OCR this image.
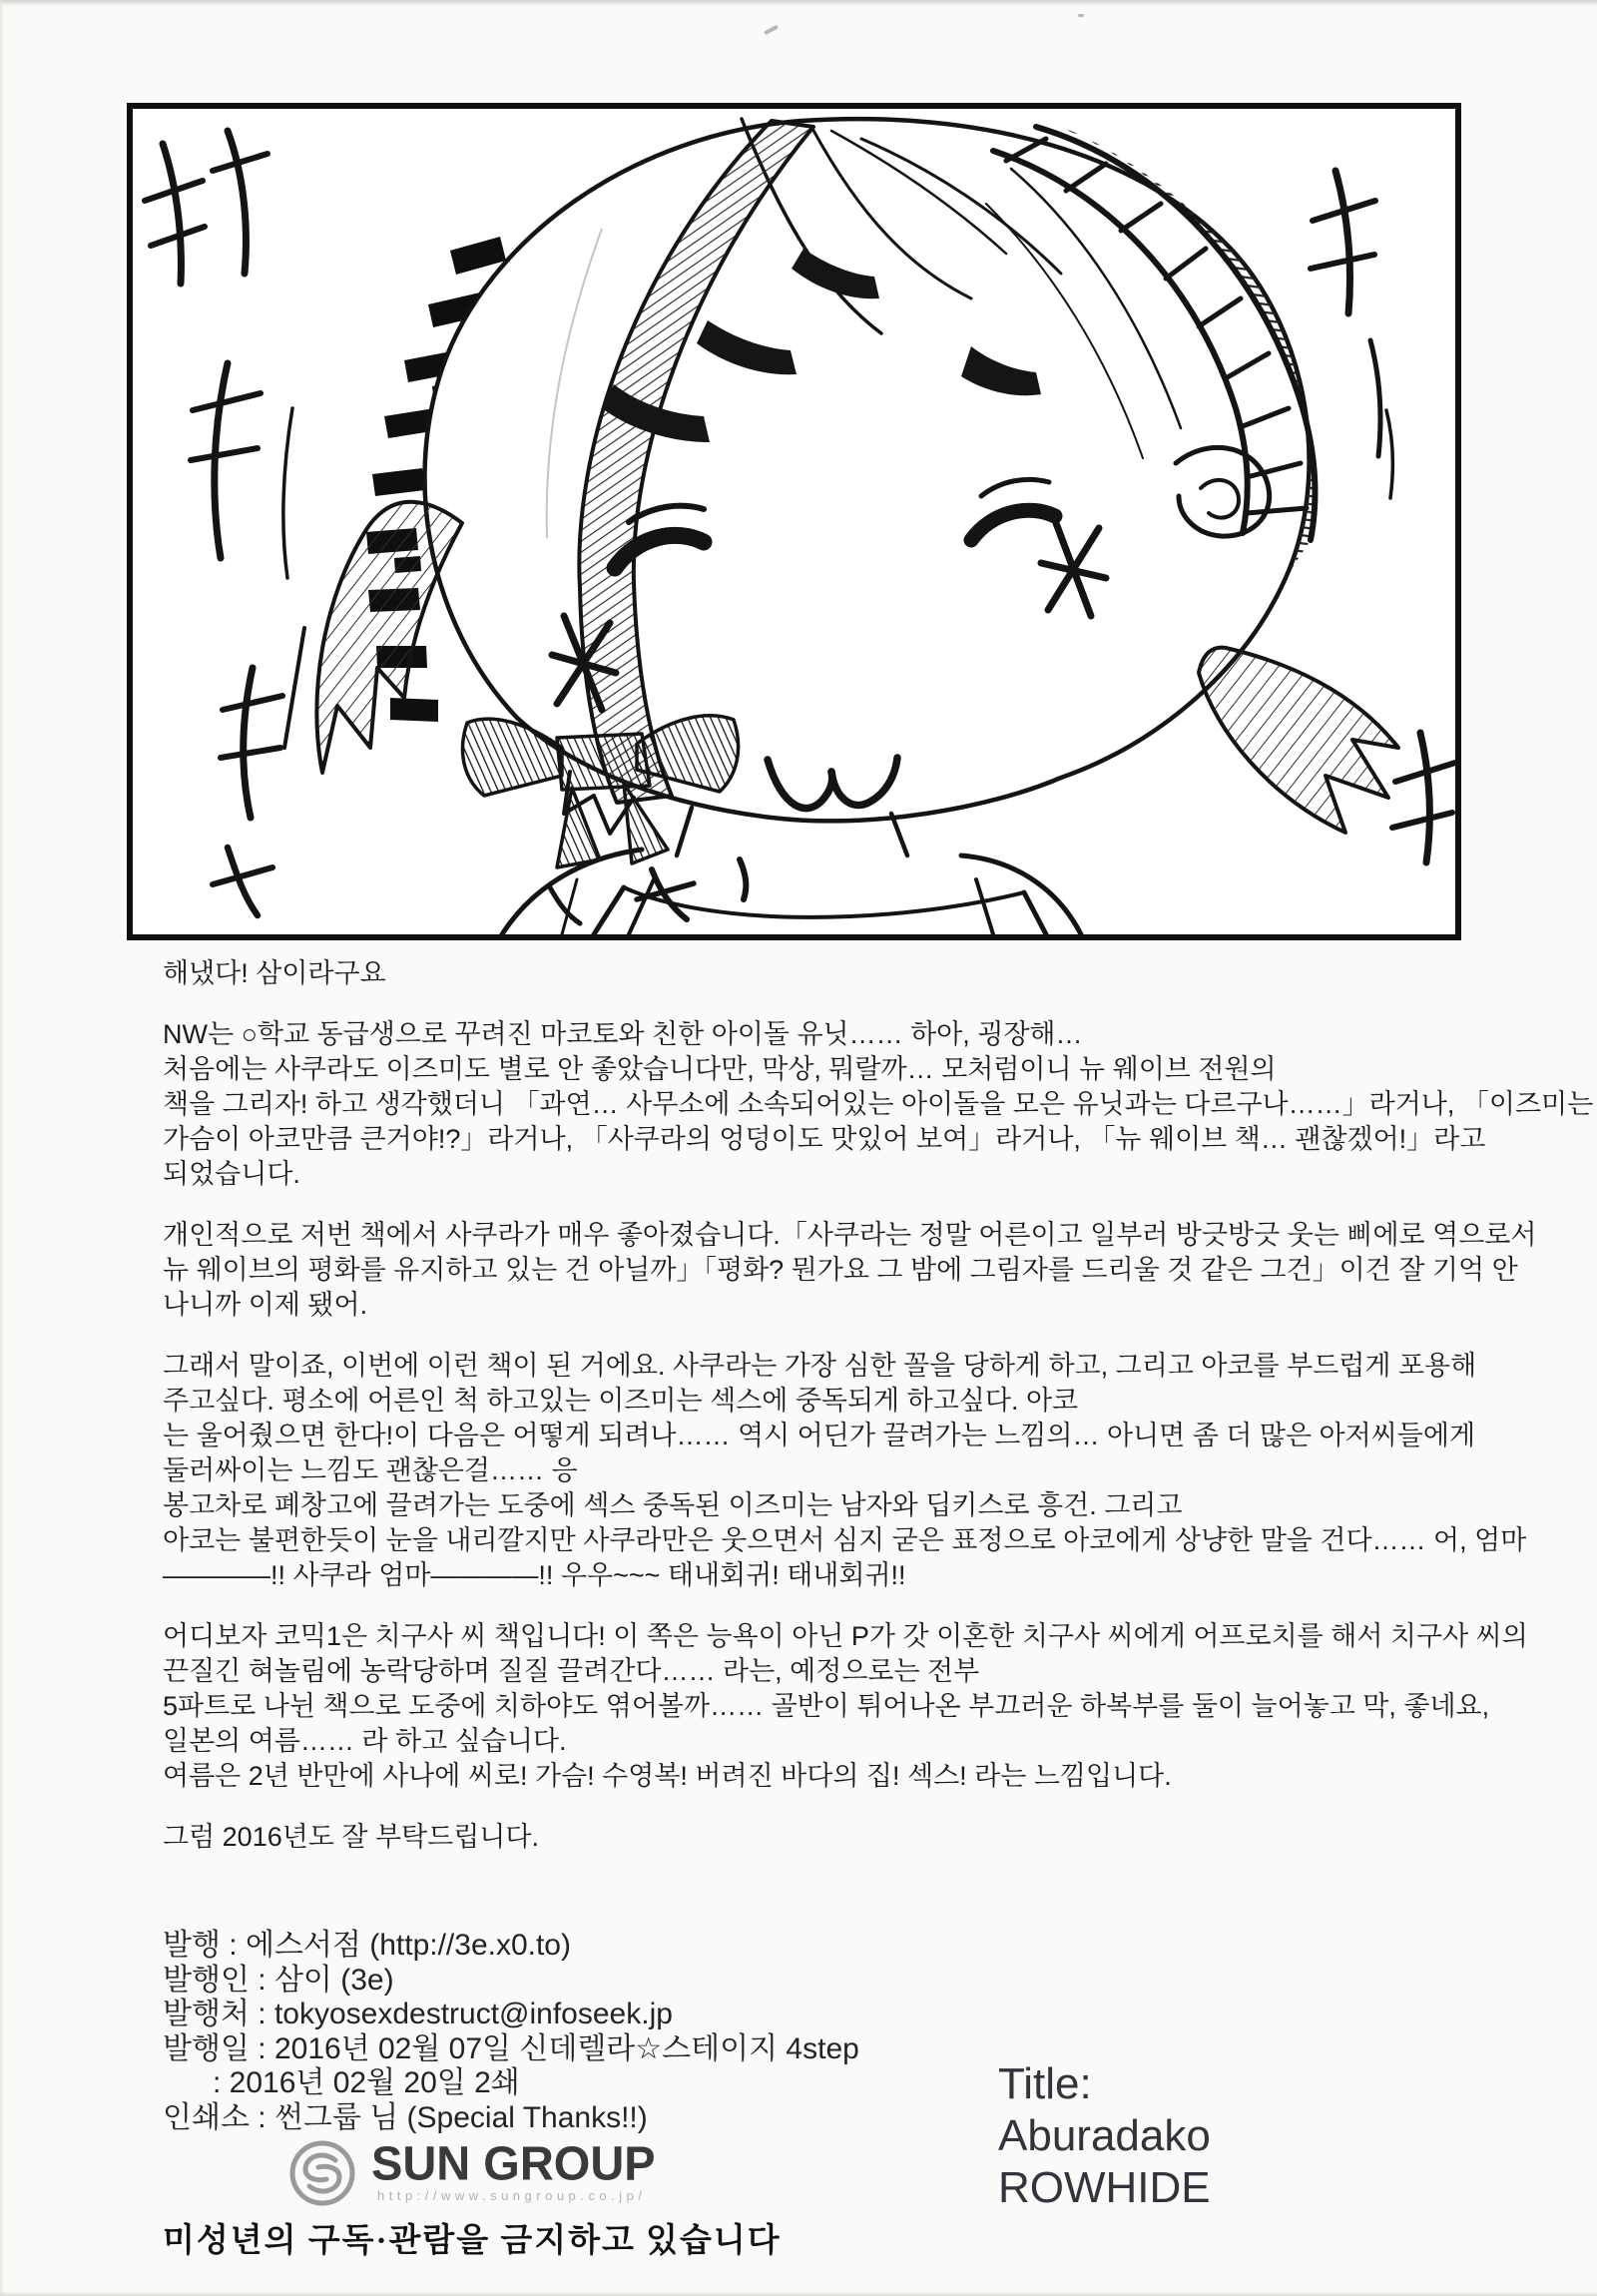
해냈다! 삼이라구요
NW는 ○학교 동급생으로 꾸려진 마코토와 친한 아이돌 유닛…… 하아, 굉장해…
처음에는 사쿠라도 이즈미도 별로 안 좋았습니다만, 막상, 뭐랄까… 모처럼이니 뉴 웨이브 전원의
책을 그리자! 하고 생각했더니 「과연… 사무소에 소속되어있는 아이돌을 모은 유닛과는 다르구나……」라거나, 「이즈미는
가슴이 아코만큼 큰거야!?」라거나, 「사쿠라의 엉덩이도 맛있어 보여」라거나, 「뉴 웨이브 책… 괜찮겠어!」라고
되었습니다.
개인적으로 저번 책에서 사쿠라가 매우 좋아졌습니다.「사쿠라는 정말 어른이고 일부러 방긋방긋 웃는 삐에로 역으로서
뉴 웨이브의 평화를 유지하고 있는 건 아닐까」「평화? 뭔가요 그 밤에 그림자를 드리울 것 같은 그건」이건 잘 기억 안
나니까 이제 됐어.
그래서 말이죠, 이번에 이런 책이 된 거에요. 사쿠라는 가장 심한 꼴을 당하게 하고, 그리고 아코를 부드럽게 포용해
주고싶다. 평소에 어른인 척 하고있는 이즈미는 섹스에 중독되게 하고싶다. 아코
는 울어줬으면 한다!이 다음은 어떻게 되려나…… 역시 어딘가 끌려가는 느낌의… 아니면 좀 더 많은 아저씨들에게
둘러싸이는 느낌도 괜찮은걸…… 응
봉고차로 폐창고에 끌려가는 도중에 섹스 중독된 이즈미는 남자와 딥키스로 흥건. 그리고
아코는 불편한듯이 눈을 내리깔지만 사쿠라만은 웃으면서 심지 굳은 표정으로 아코에게 상냥한 말을 건다…… 어, 엄마
————!! 사쿠라 엄마————!! 우우~~~ 태내회귀! 태내회귀!!
어디보자 코믹1은 치구사 씨 책입니다! 이 쪽은 능욕이 아닌 P가 갓 이혼한 치구사 씨에게 어프로치를 해서 치구사 씨의
끈질긴 혀놀림에 농락당하며 질질 끌려간다…… 라는, 예정으로는 전부
5파트로 나뉜 책으로 도중에 치하야도 엮어볼까…… 골반이 튀어나온 부끄러운 하복부를 둘이 늘어놓고 막, 좋네요,
일본의 여름…… 라 하고 싶습니다.
여름은 2년 반만에 사나에 씨로! 가슴! 수영복! 버려진 바다의 집! 섹스! 라는 느낌입니다.
그럼 2016년도 잘 부탁드립니다.
발행 : 에스서점 (http://3e.x0.to)
발행인 : 삼이 (3e)
발행처 : tokyosexdestruct@infoseek.jp
발행일 : 2016년 02월 07일 신데렐라☆스테이지 4step
: 2016년 02월 20일 2쇄
인쇄소 : 썬그룹 님 (Special Thanks!!)
SUN GROUP
http://www.sungroup.co.jp/
Title:
Aburadako
ROWHIDE
미성년의 구독·관람을 금지하고 있습니다
